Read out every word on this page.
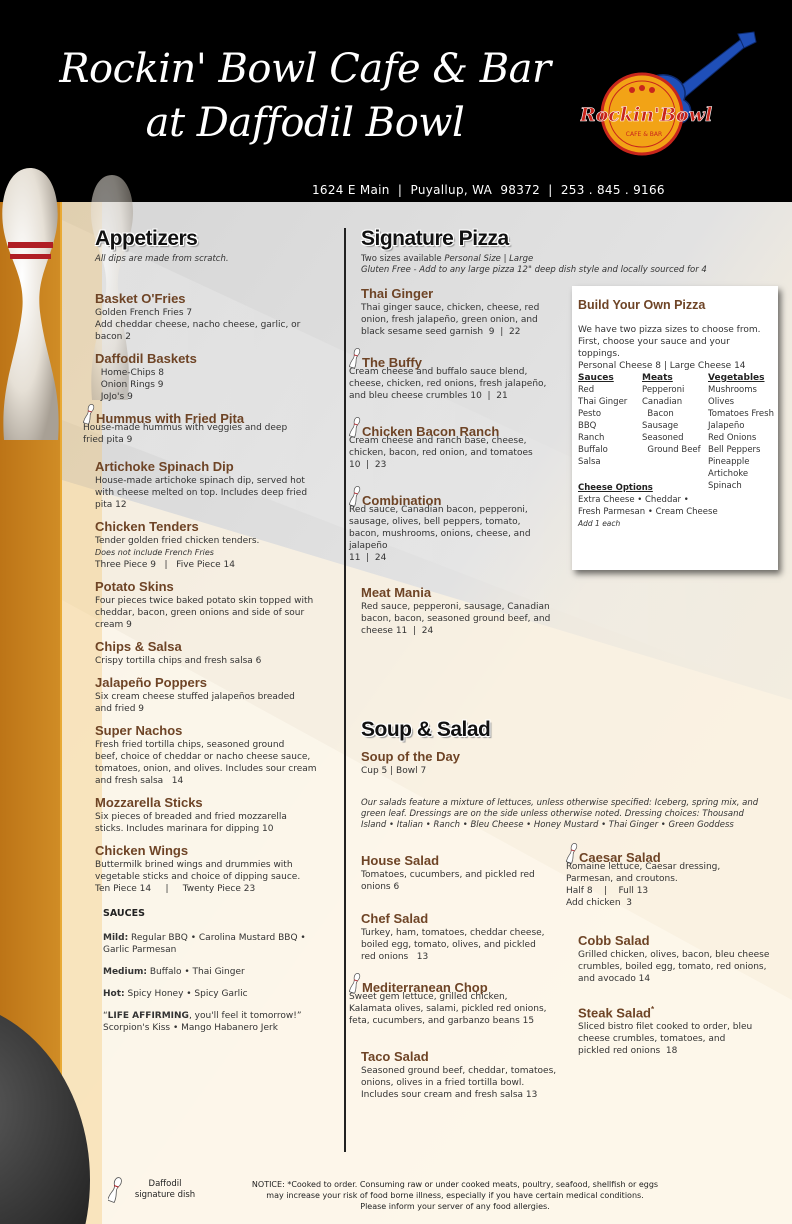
Rockin' Bowl Cafe & Bar
at Daffodil Bowl	Rockin'Bowl
CAFE & BAR
1624 E Main  |  Puyallup, WA  98372  |  253 . 845 . 9166
Appetizers
All dips are made from scratch.
Basket O'Fries
Golden French Fries 7
Add cheddar cheese, nacho cheese, garlic, or
bacon 2
Daffodil Baskets
Home-Chips 8
Onion Rings 9
JoJo's 9
Hummus with Fried Pita
House-made hummus with veggies and deep
fried pita 9
Artichoke Spinach Dip
House-made artichoke spinach dip, served hot
with cheese melted on top. Includes deep fried
pita 12
Chicken Tenders
Tender golden fried chicken tenders.
Does not include French Fries
Three Piece 9   |   Five Piece 14
Potato Skins
Four pieces twice baked potato skin topped with
cheddar, bacon, green onions and side of sour
cream 9
Chips & Salsa
Crispy tortilla chips and fresh salsa 6
Jalapeño Poppers
Six cream cheese stuffed jalapeños breaded
and fried 9
Super Nachos
Fresh fried tortilla chips, seasoned ground
beef, choice of cheddar or nacho cheese sauce,
tomatoes, onion, and olives. Includes sour cream
and fresh salsa   14
Mozzarella Sticks
Six pieces of breaded and fried mozzarella
sticks. Includes marinara for dipping 10
Chicken Wings
Buttermilk brined wings and drummies with
vegetable sticks and choice of dipping sauce.
Ten Piece 14     |     Twenty Piece 23
SAUCES
Mild: Regular BBQ • Carolina Mustard BBQ •
Garlic Parmesan
Medium: Buffalo • Thai Ginger
Hot: Spicy Honey • Spicy Garlic
“LIFE AFFIRMING, you'll feel it tomorrow!”
Scorpion's Kiss • Mango Habanero Jerk
Signature Pizza
Two sizes available Personal Size | Large
Gluten Free - Add to any large pizza 12" deep dish style and locally sourced for 4
Thai Ginger
Thai ginger sauce, chicken, cheese, red
onion, fresh jalapeño, green onion, and
black sesame seed garnish  9  |  22
The Buffy
Cream cheese and buffalo sauce blend,
cheese, chicken, red onions, fresh jalapeño,
and bleu cheese crumbles 10  |  21
Chicken Bacon Ranch
Cream cheese and ranch base, cheese,
chicken, bacon, red onion, and tomatoes
10  |  23
Combination
Red sauce, Canadian bacon, pepperoni,
sausage, olives, bell peppers, tomato,
bacon, mushrooms, onions, cheese, and
jalapeño
11  |  24
Meat Mania
Red sauce, pepperoni, sausage, Canadian
bacon, bacon, seasoned ground beef, and
cheese 11  |  24
Build Your Own Pizza
We have two pizza sizes to choose from.
First, choose your sauce and your toppings.
Personal Cheese 8 | Large Cheese 14
Sauces
Red
Thai Ginger
Pesto
BBQ
Ranch
Buffalo
Salsa
Meats
Pepperoni
Canadian
Bacon
Sausage
Seasoned
Ground Beef
Vegetables
Mushrooms
Olives
Tomatoes Fresh
Jalapeño
Red Onions
Bell Peppers
Pineapple
Artichoke
Spinach
Cheese Options
Extra Cheese • Cheddar •
Fresh Parmesan • Cream Cheese
Add 1 each
Soup & Salad
Soup of the Day
Cup 5 | Bowl 7
Our salads feature a mixture of lettuces, unless otherwise specified: Iceberg, spring mix, and
green leaf. Dressings are on the side unless otherwise noted. Dressing choices: Thousand
Island • Italian • Ranch • Bleu Cheese • Honey Mustard • Thai Ginger • Green Goddess
House Salad
Tomatoes, cucumbers, and pickled red
onions 6
Chef Salad
Turkey, ham, tomatoes, cheddar cheese,
boiled egg, tomato, olives, and pickled
red onions   13
Mediterranean Chop
Sweet gem lettuce, grilled chicken,
Kalamata olives, salami, pickled red onions,
feta, cucumbers, and garbanzo beans 15
Taco Salad
Seasoned ground beef, cheddar, tomatoes,
onions, olives in a fried tortilla bowl.
Includes sour cream and fresh salsa 13
Caesar Salad
Romaine lettuce, Caesar dressing,
Parmesan, and croutons.
Half 8    |    Full 13
Add chicken  3
Cobb Salad
Grilled chicken, olives, bacon, bleu cheese
crumbles, boiled egg, tomato, red onions,
and avocado 14
Steak Salad*
Sliced bistro filet cooked to order, bleu
cheese crumbles, tomatoes, and
pickled red onions  18
Daffodil
signature dish
NOTICE: *Cooked to order. Consuming raw or under cooked meats, poultry, seafood, shellfish or eggs
may increase your risk of food borne illness, especially if you have certain medical conditions.
Please inform your server of any food allergies.
